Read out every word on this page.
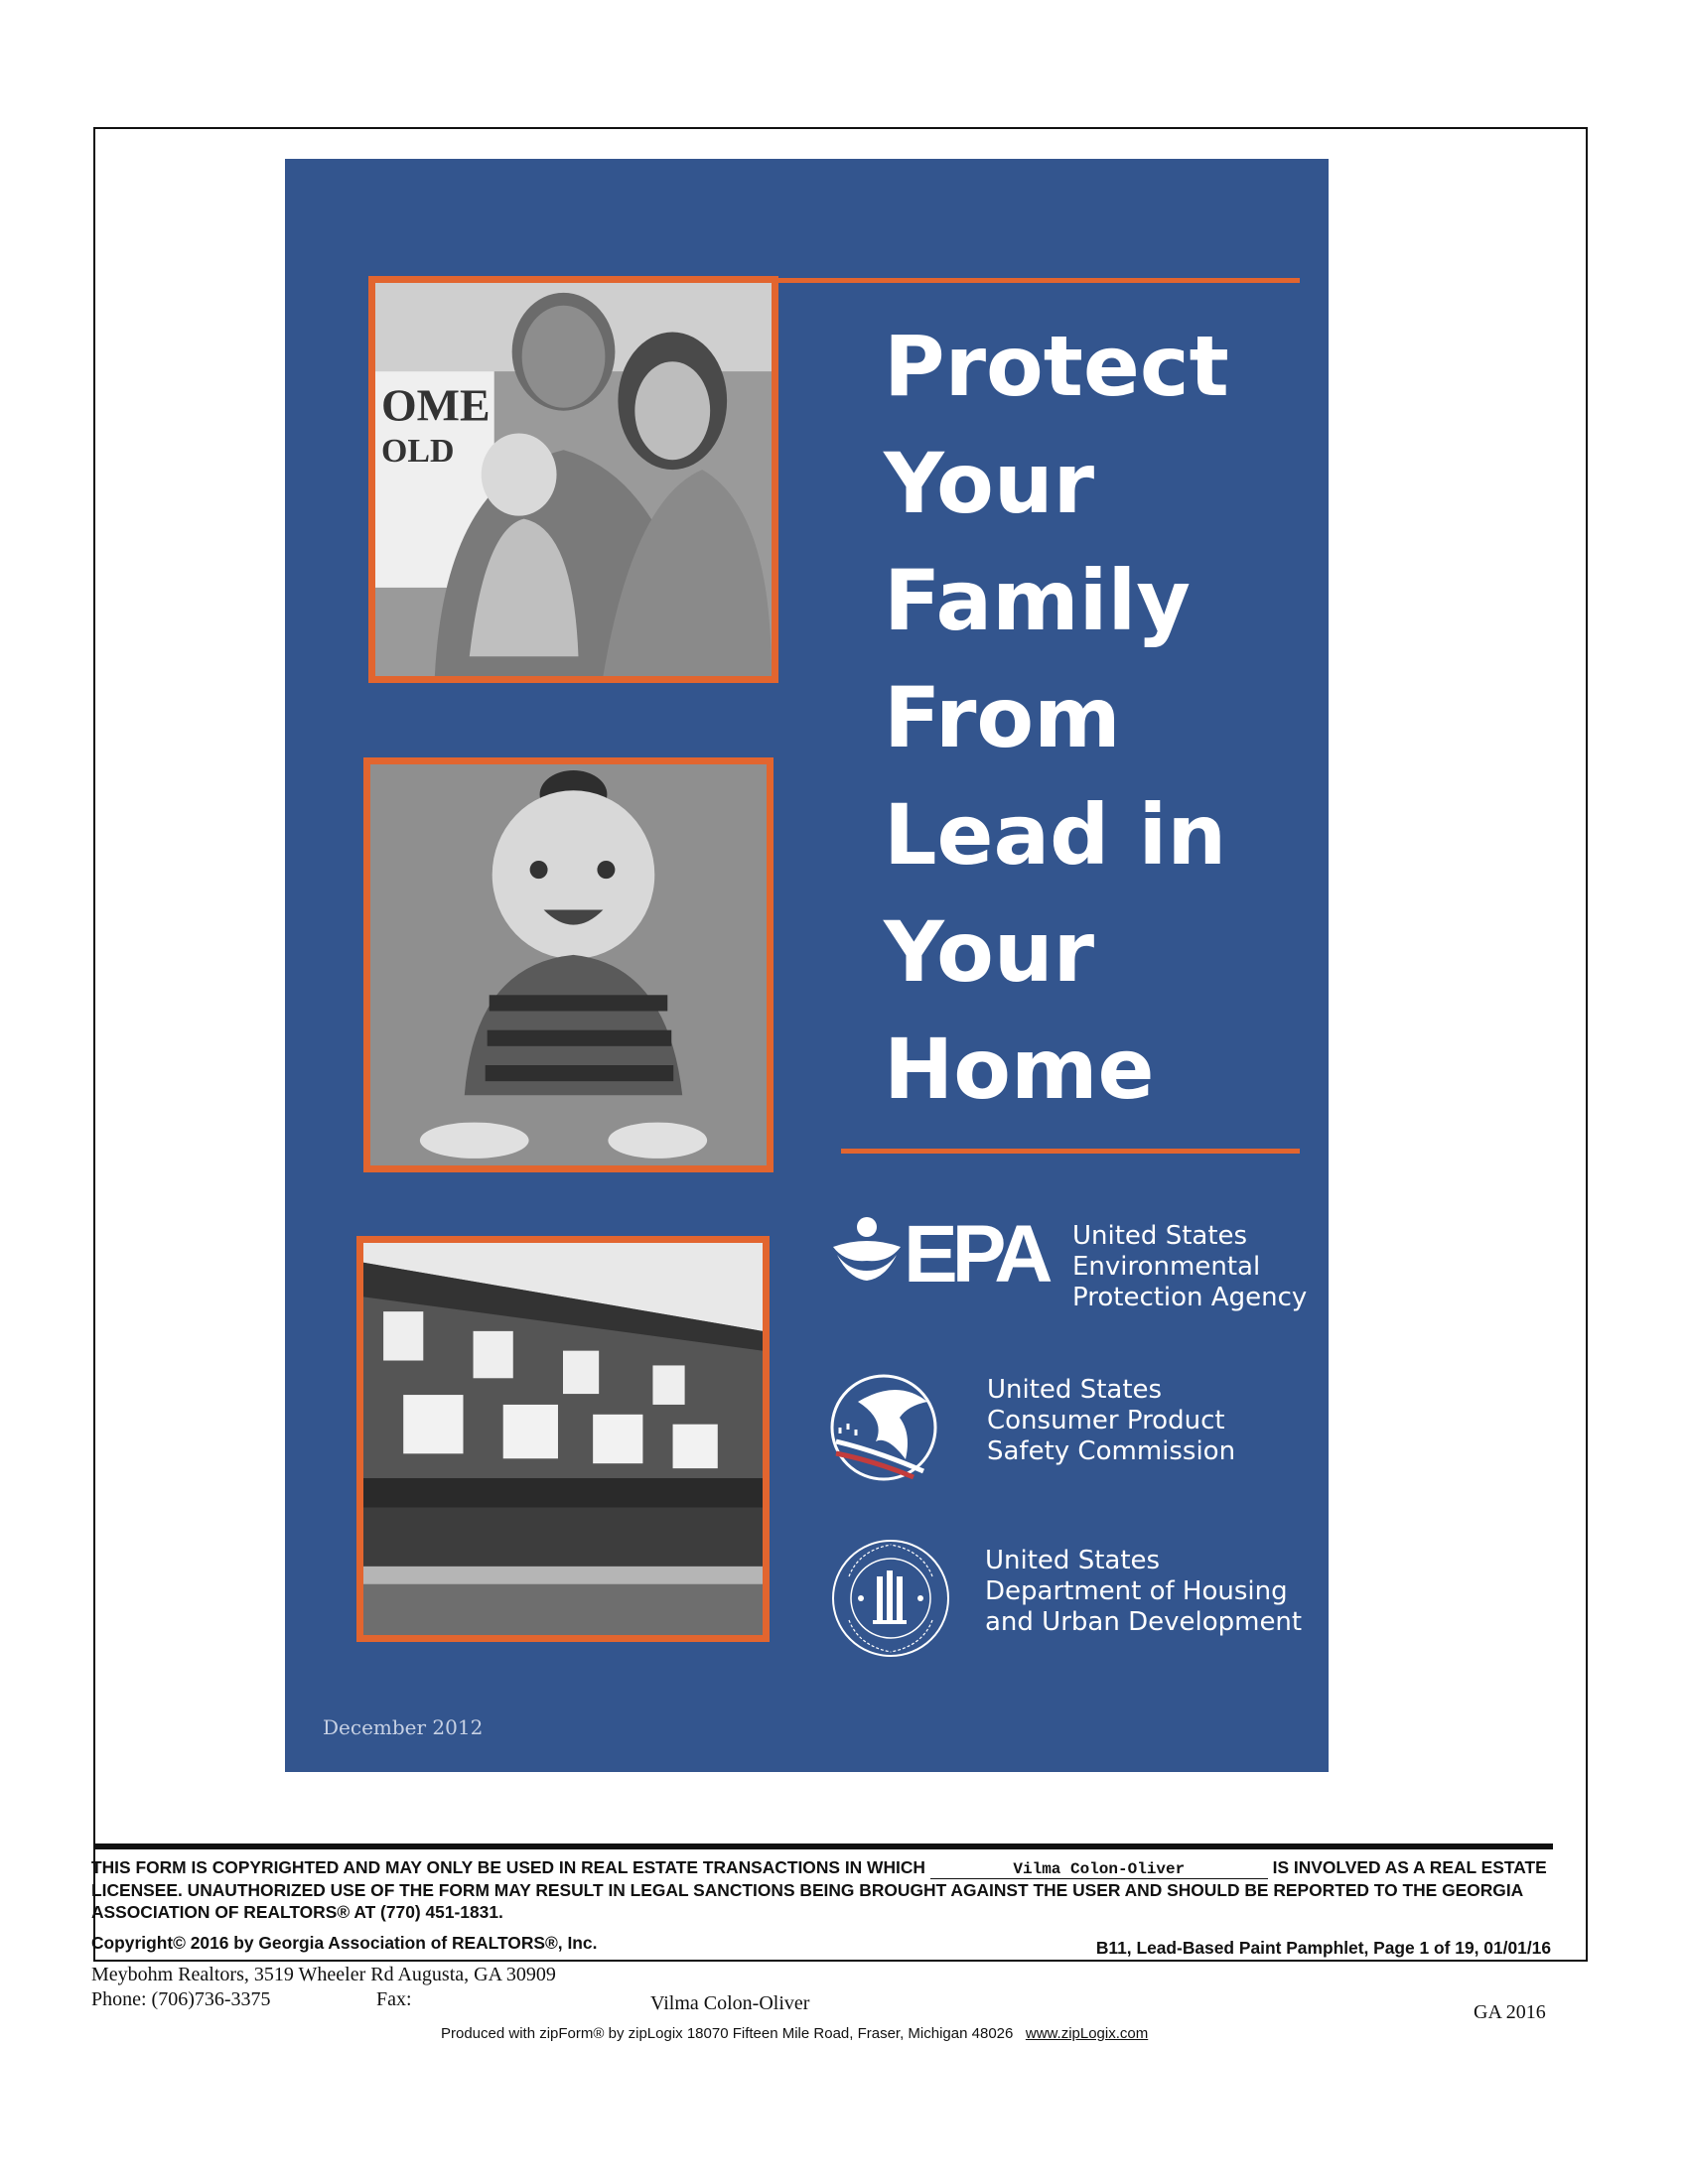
OME
OLD
Protect
Your
Family
From
Lead in
Your
Home
EPA United States
Environmental
Protection Agency
United States
Consumer Product
Safety Commission
United States
Department of Housing
and Urban Development
December 2012
THIS FORM IS COPYRIGHTED AND MAY ONLY BE USED IN REAL ESTATE TRANSACTIONS IN WHICH	Vilma Colon-Oliver	IS INVOLVED AS A REAL ESTATE LICENSEE. UNAUTHORIZED USE OF THE FORM MAY RESULT IN LEGAL SANCTIONS BEING BROUGHT AGAINST THE USER AND SHOULD BE REPORTED TO THE GEORGIA ASSOCIATION OF REALTORS® AT (770) 451-1831.
Copyright© 2016 by Georgia Association of REALTORS®, Inc.	B11, Lead-Based Paint Pamphlet, Page 1 of 19, 01/01/16
Meybohm Realtors, 3519 Wheeler Rd Augusta, GA 30909
Phone: (706)736-3375	Fax:	Vilma Colon-Oliver	GA 2016
Produced with zipForm® by zipLogix 18070 Fifteen Mile Road, Fraser, Michigan 48026 www.zipLogix.com
